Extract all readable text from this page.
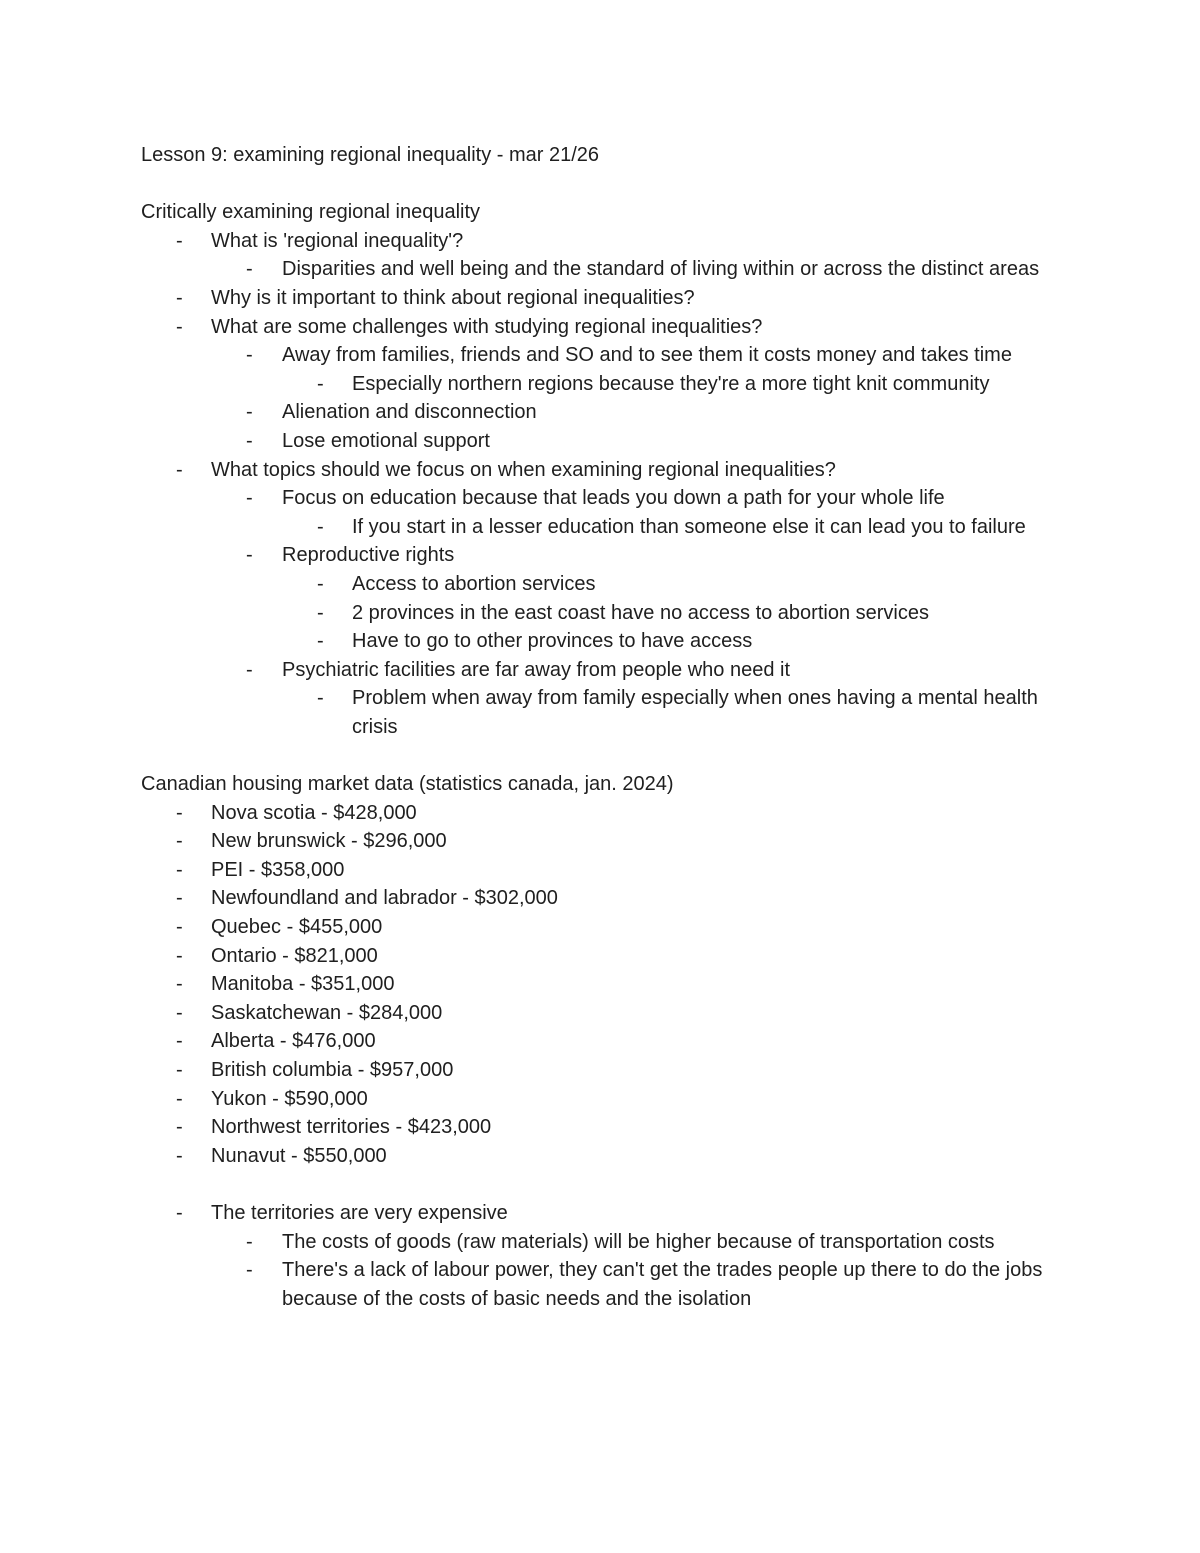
Lesson 9: examining regional inequality - mar 21/26

Critically examining regional inequality

- What is 'regional inequality'?
- Disparities and well being and the standard of living within or across the distinct areas
- Why is it important to think about regional inequalities?
- What are some challenges with studying regional inequalities?
- Away from families, friends and SO and to see them it costs money and takes time
- Especially northern regions because they're a more tight knit community
- Alienation and disconnection
- Lose emotional support
- What topics should we focus on when examining regional inequalities?
- Focus on education because that leads you down a path for your whole life
- If you start in a lesser education than someone else it can lead you to failure
- Reproductive rights
- Access to abortion services
- 2 provinces in the east coast have no access to abortion services
- Have to go to other provinces to have access
- Psychiatric facilities are far away from people who need it
- Problem when away from family especially when ones having a mental health crisis

Canadian housing market data (statistics canada, jan. 2024)

- Nova scotia - $428,000
- New brunswick - $296,000
- PEI - $358,000
- Newfoundland and labrador - $302,000
- Quebec - $455,000
- Ontario - $821,000
- Manitoba - $351,000
- Saskatchewan - $284,000
- Alberta - $476,000
- British columbia - $957,000
- Yukon - $590,000
- Northwest territories - $423,000
- Nunavut - $550,000
- The territories are very expensive
- The costs of goods (raw materials) will be higher because of transportation costs
- There's a lack of labour power, they can't get the trades people up there to do the jobs because of the costs of basic needs and the isolation
